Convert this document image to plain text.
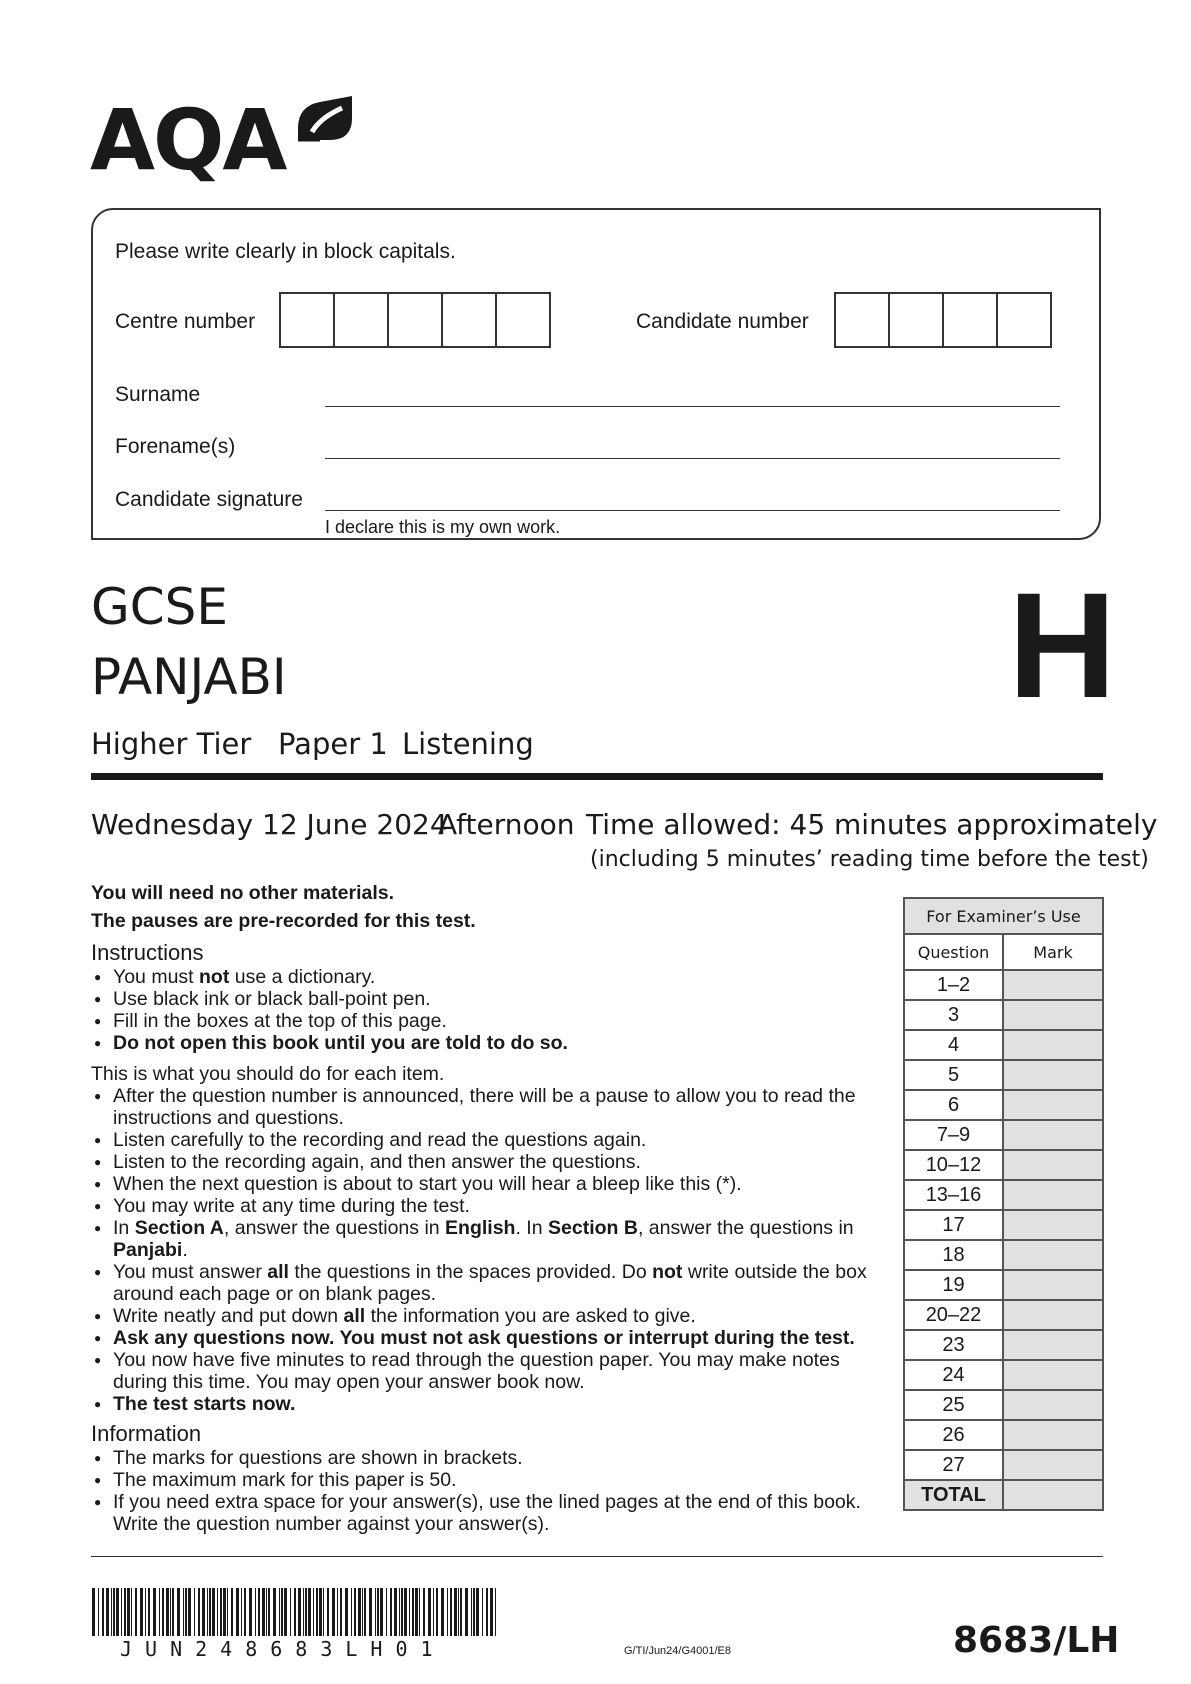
AQA
Please write clearly in block capitals.
Centre number	Candidate number
Surname
Forename(s)
Candidate signature
I declare this is my own work.
GCSE
PANJABI	H
Higher Tier Paper 1 Listening
Wednesday 12 June 2024
Afternoon Time allowed: 45 minutes approximately
(including 5 minutes’ reading time before the test)

You will need no other materials.

The pauses are pre-recorded for this test.

Instructions
● You must not use a dictionary.
● Use black ink or black ball-point pen.
● Fill in the boxes at the top of this page.
● Do not open this book until you are told to do so.

This is what you should do for each item.

● After the question number is announced, there will be a pause to allow you to read the instructions and questions.
● Listen carefully to the recording and read the questions again.
● Listen to the recording again, and then answer the questions.
● When the next question is about to start you will hear a bleep like this (*).
● You may write at any time during the test.
● In Section A, answer the questions in English. In Section B, answer the questions in Panjabi.
● You must answer all the questions in the spaces provided. Do not write outside the box around each page or on blank pages.
● Write neatly and put down all the information you are asked to give.
● Ask any questions now. You must not ask questions or interrupt during the test.
● You now have five minutes to read through the question paper. You may make notes during this time. You may open your answer book now.
● The test starts now.
Information
● The marks for questions are shown in brackets.
● The maximum mark for this paper is 50.
● If you need extra space for your answer(s), use the lined pages at the end of this book. Write the question number against your answer(s).
For Examiner’s Use	
Question	Mark
1–2	
3	
4	
5	
6	
7–9	
10–12	
13–16	
17	
18	
19	
20–22	
23	
24	
25	
26	
27	
TOTAL	
JUN248683LH01	G/TI/Jun24/G4001/E8	8683/LH
